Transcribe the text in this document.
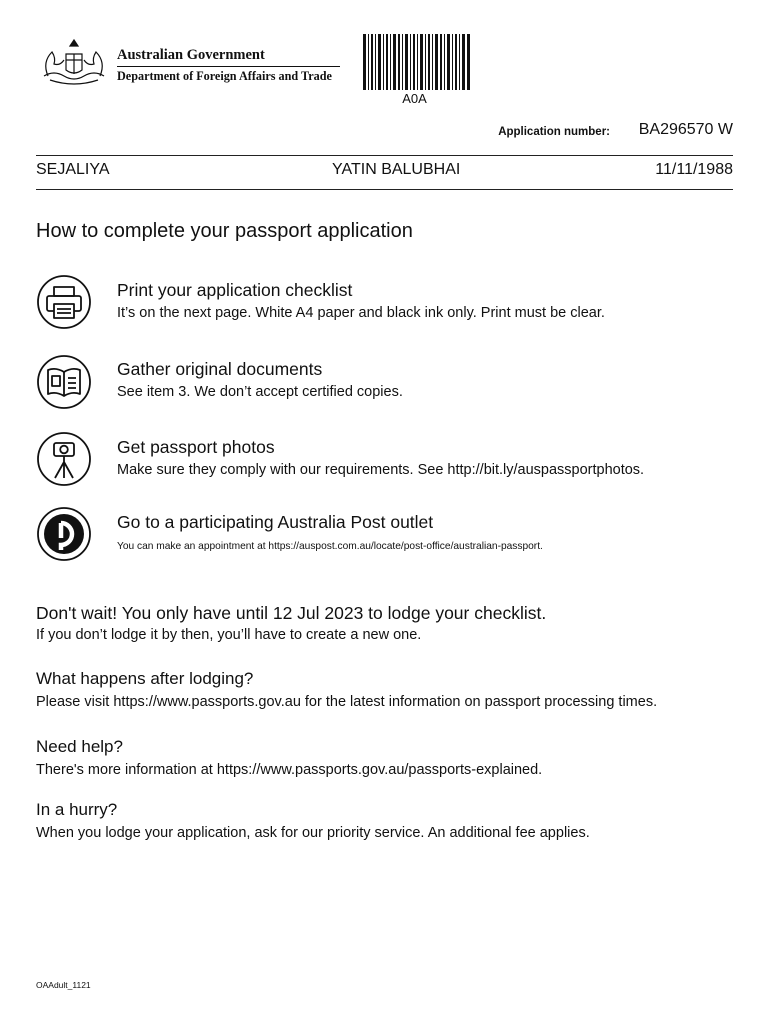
Australian Government
Department of Foreign Affairs and Trade
A0A
Application number:	BA296570 W
SEJALIYA	YATIN BALUBHAI	11/11/1988
How to complete your passport application
Print your application checklist
It’s on the next page. White A4 paper and black ink only. Print must be clear.
Gather original documents
See item 3. We don’t accept certified copies.
Get passport photos
Make sure they comply with our requirements. See http://bit.ly/auspassportphotos.
Go to a participating Australia Post outlet
You can make an appointment at https://auspost.com.au/locate/post-office/australian-passport.
Don't wait! You only have until 12 Jul 2023 to lodge your checklist.
If you don’t lodge it by then, you’ll have to create a new one.
What happens after lodging?
Please visit https://www.passports.gov.au for the latest information on passport processing times.
Need help?
There's more information at https://www.passports.gov.au/passports-explained.
In a hurry?
When you lodge your application, ask for our priority service. An additional fee applies.
OAAdult_1121
